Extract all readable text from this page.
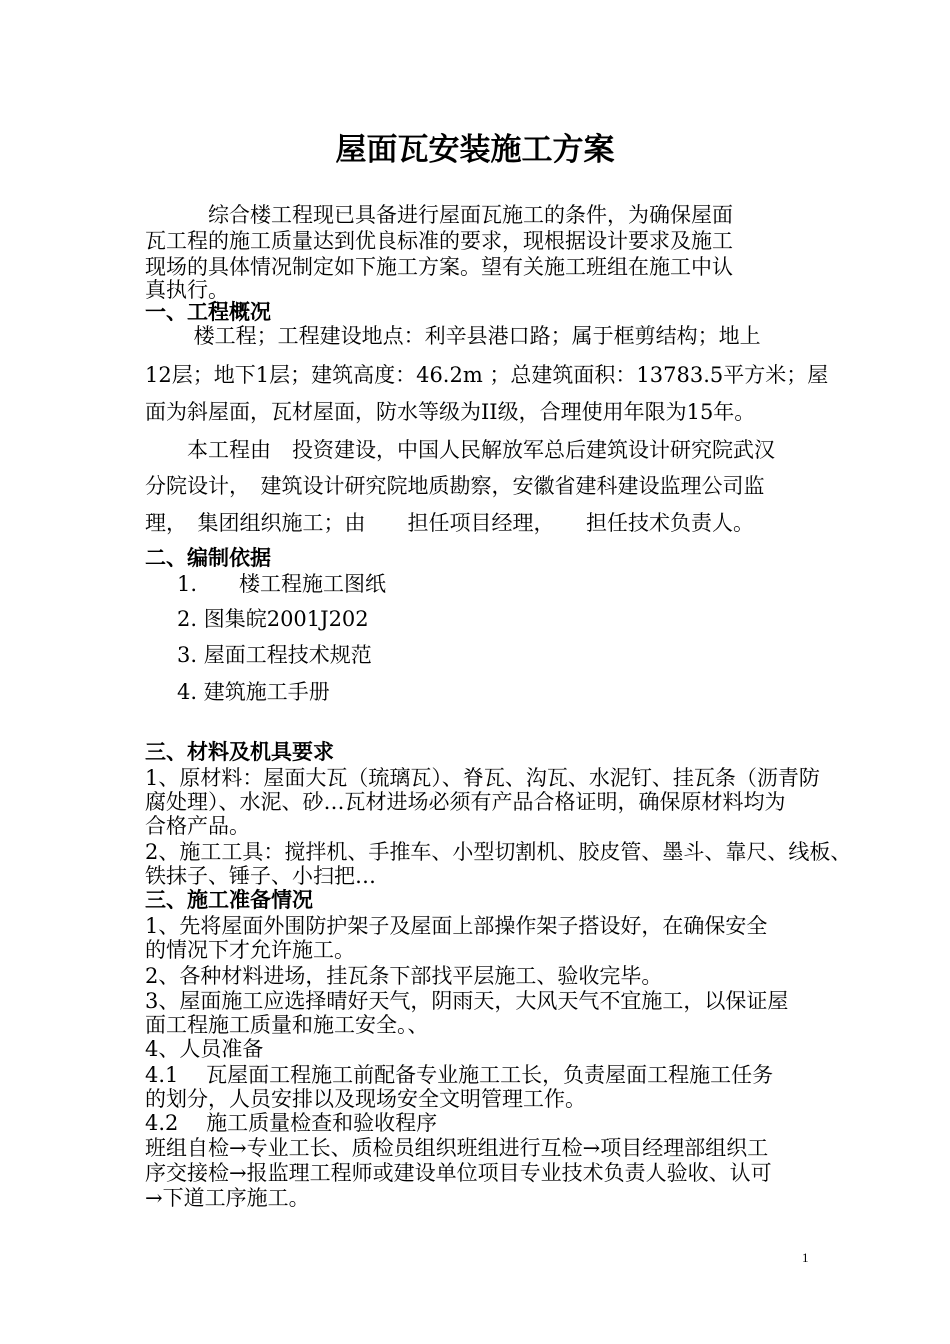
屋面瓦安装施工方案
　　　综合楼工程现已具备进行屋面瓦施工的条件，为确保屋面
瓦工程的施工质量达到优良标准的要求，现根据设计要求及施工
现场的具体情况制定如下施工方案。望有关施工班组在施工中认
真执行。
一、工程概况
　　 楼工程；工程建设地点：利辛县港口路；属于框剪结构；地上
12层；地下1层；建筑高度：46.2m ；总建筑面积：13783.5平方米；屋
面为斜屋面，瓦材屋面，防水等级为II级，合理使用年限为15年。
　　本工程由　投资建设，中国人民解放军总后建筑设计研究院武汉
分院设计，　建筑设计研究院地质勘察，安徽省建科建设监理公司监
理，　集团组织施工；由　　担任项目经理，　　担任技术负责人。
二、编制依据
1.　　楼工程施工图纸
2. 图集皖2001J202
3. 屋面工程技术规范
4. 建筑施工手册
三、材料及机具要求
1、原材料：屋面大瓦（琉璃瓦）、脊瓦、沟瓦、水泥钉、挂瓦条（沥青防
腐处理）、水泥、砂…瓦材进场必须有产品合格证明，确保原材料均为
合格产品。
2、施工工具：搅拌机、手推车、小型切割机、胶皮管、墨斗、靠尺、线板、
铁抹子、锤子、小扫把…
三、施工准备情况
1、先将屋面外围防护架子及屋面上部操作架子搭设好，在确保安全
的情况下才允许施工。
2、各种材料进场，挂瓦条下部找平层施工、验收完毕。
3、屋面施工应选择晴好天气，阴雨天，大风天气不宜施工，以保证屋
面工程施工质量和施工安全。、
4、人员准备
4.1　 瓦屋面工程施工前配备专业施工工长，负责屋面工程施工任务
的划分，人员安排以及现场安全文明管理工作。
4.2　 施工质量检查和验收程序
班组自检→专业工长、质检员组织班组进行互检→项目经理部组织工
序交接检→报监理工程师或建设单位项目专业技术负责人验收、认可
→下道工序施工。
1
